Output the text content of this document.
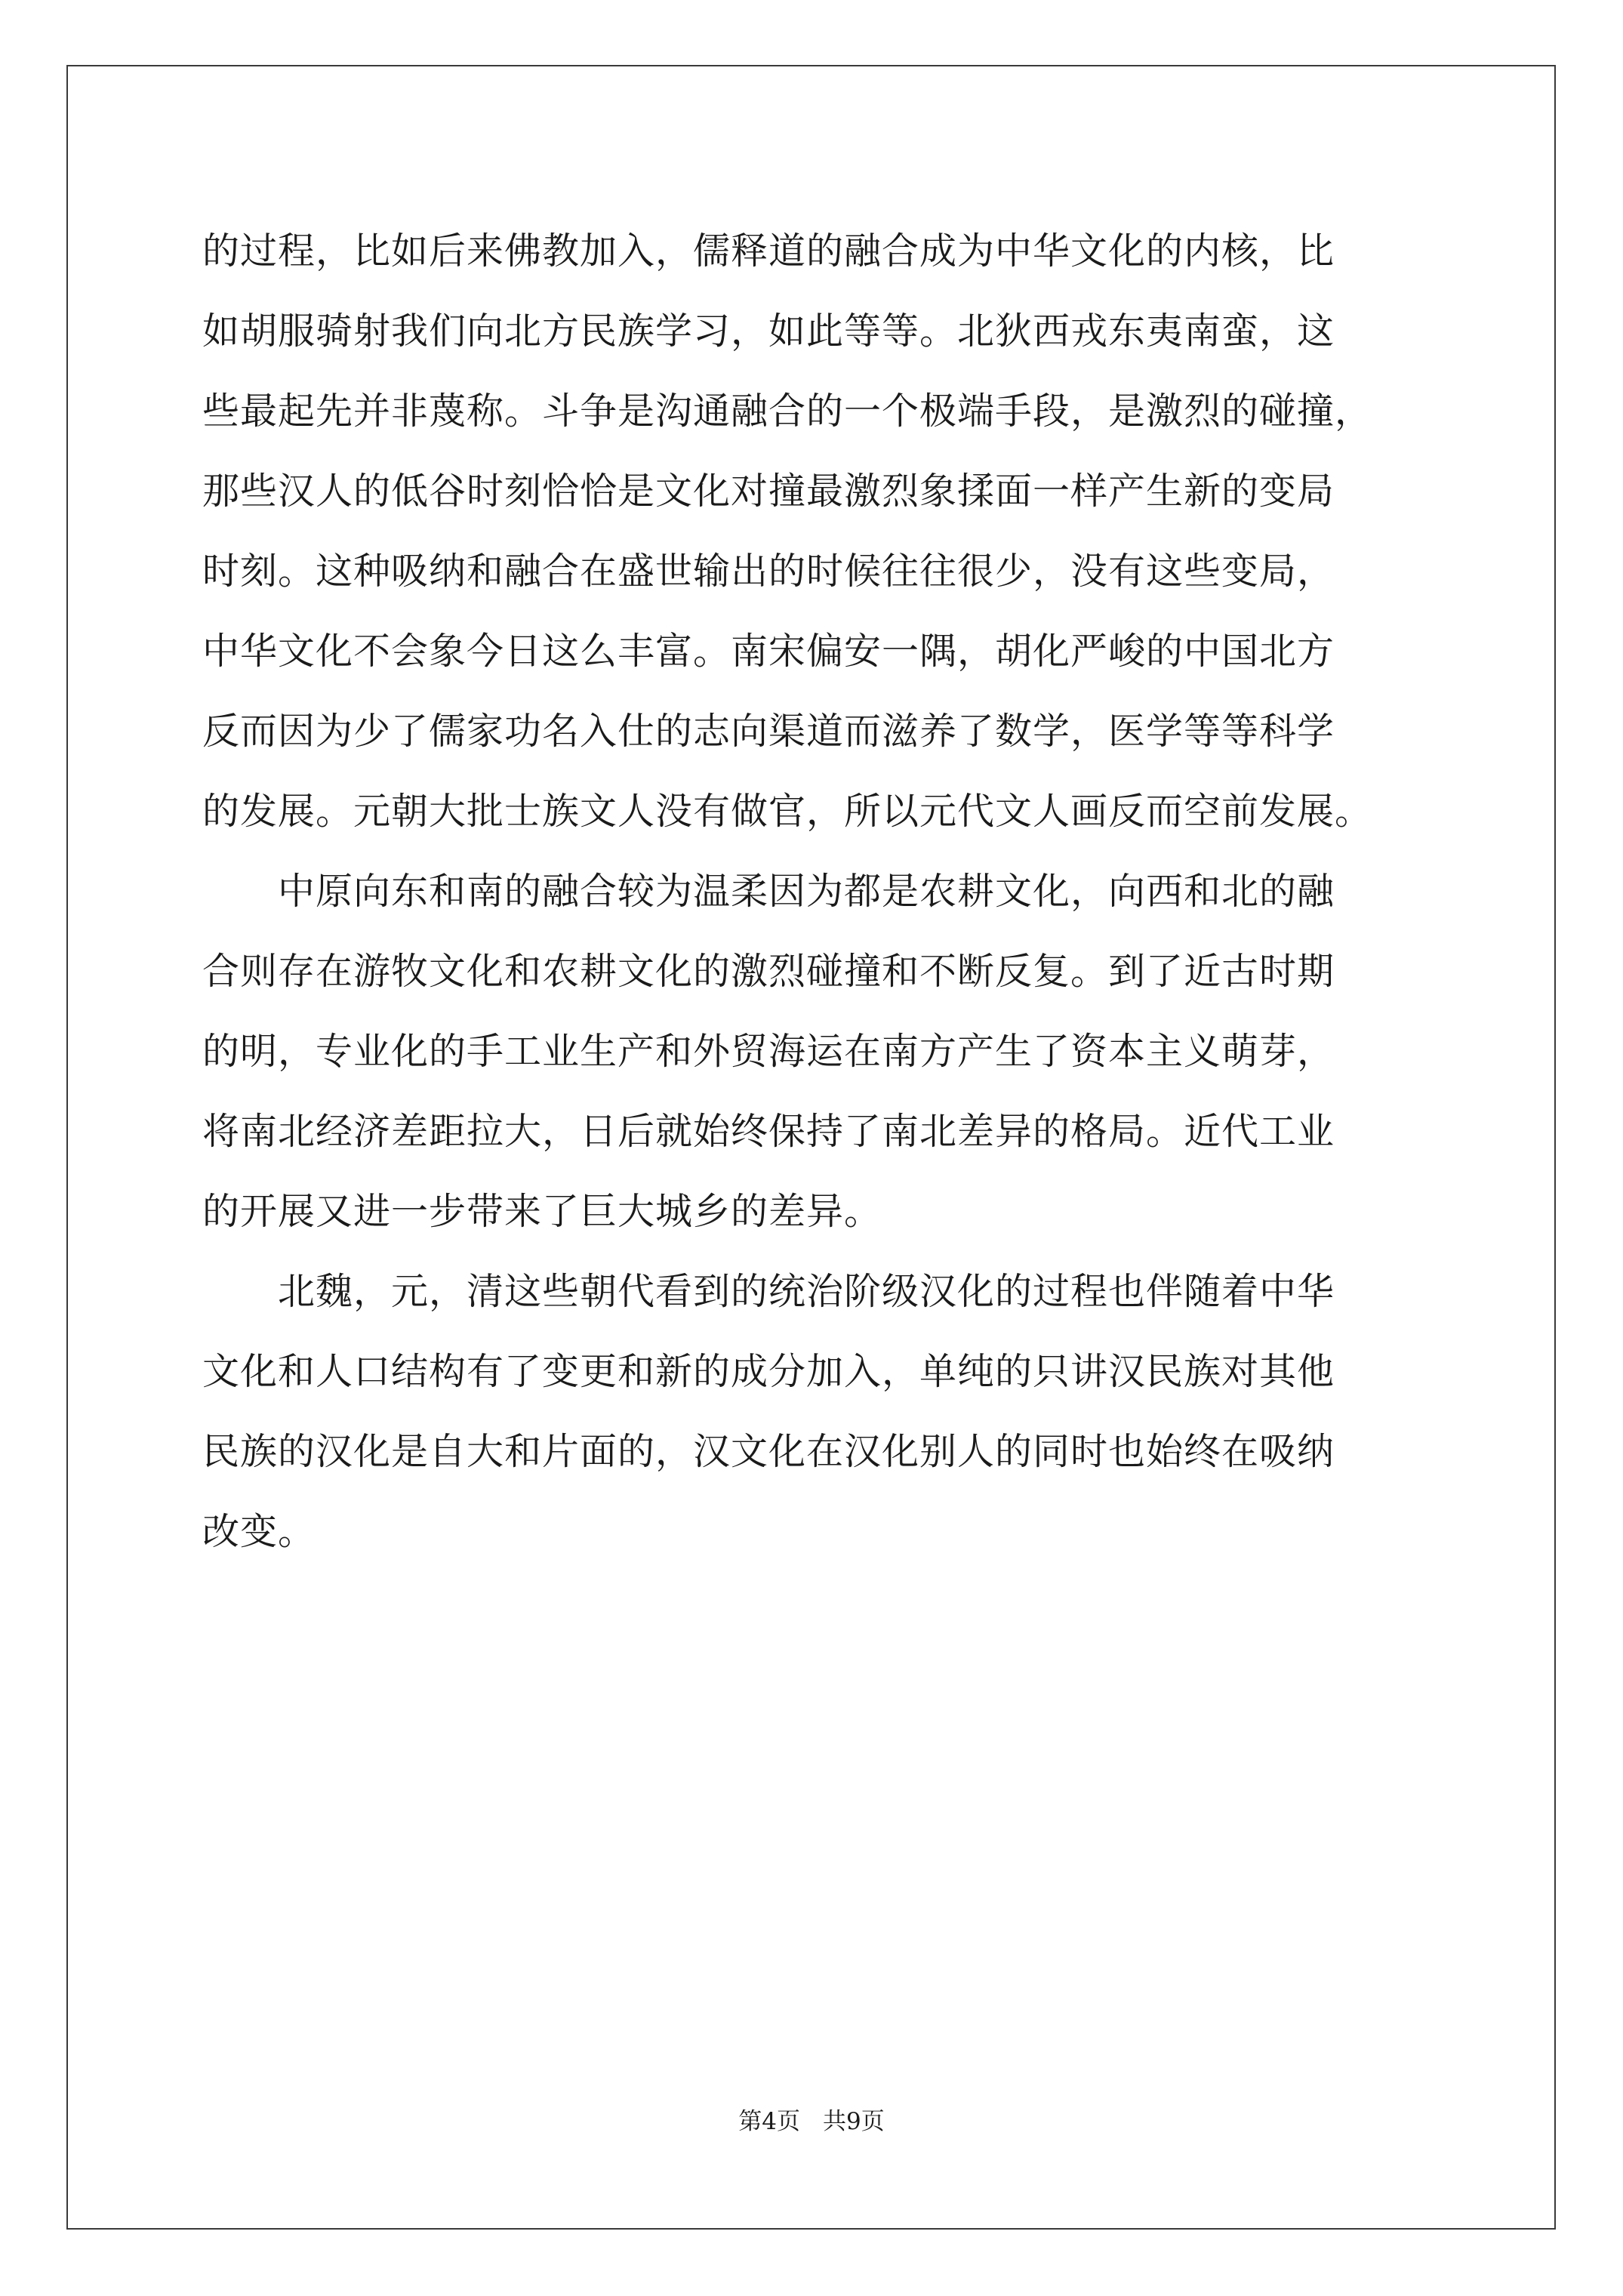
的过程，比如后来佛教加入，儒释道的融合成为中华文化的内核，比
如胡服骑射我们向北方民族学习，如此等等。北狄西戎东夷南蛮，这
些最起先并非蔑称。斗争是沟通融合的一个极端手段，是激烈的碰撞，
那些汉人的低谷时刻恰恰是文化对撞最激烈象揉面一样产生新的变局
时刻。这种吸纳和融合在盛世输出的时候往往很少，没有这些变局，
中华文化不会象今日这么丰富。南宋偏安一隅，胡化严峻的中国北方
反而因为少了儒家功名入仕的志向渠道而滋养了数学，医学等等科学
的发展。元朝大批士族文人没有做官，所以元代文人画反而空前发展。
　　中原向东和南的融合较为温柔因为都是农耕文化，向西和北的融
合则存在游牧文化和农耕文化的激烈碰撞和不断反复。到了近古时期
的明，专业化的手工业生产和外贸海运在南方产生了资本主义萌芽，
将南北经济差距拉大，日后就始终保持了南北差异的格局。近代工业
的开展又进一步带来了巨大城乡的差异。
　　北魏，元，清这些朝代看到的统治阶级汉化的过程也伴随着中华
文化和人口结构有了变更和新的成分加入，单纯的只讲汉民族对其他
民族的汉化是自大和片面的，汉文化在汉化别人的同时也始终在吸纳
改变。
第4页 共9页
